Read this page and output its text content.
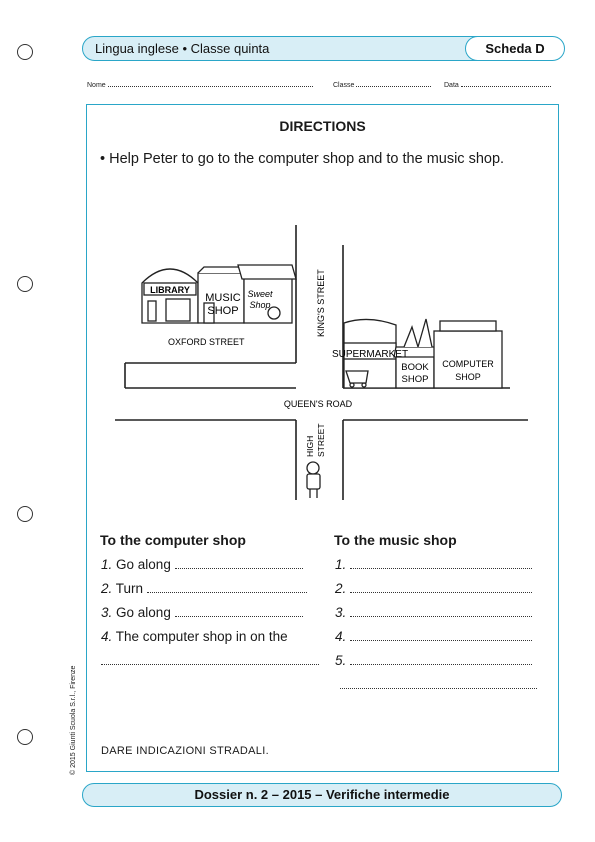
Lingua inglese • Classe quinta	Scheda D
Nome	Classe	Data
DIRECTIONS
• Help Peter to go to the computer shop and to the music shop.
LIBRARY
MUSIC
SHOP
Sweet
Shop
SUPERMARKET
BOOK
SHOP
COMPUTER
SHOP
OXFORD STREET
KING'S STREET
QUEEN'S ROAD
HIGH STREET
To the computer shop
1. Go along
2. Turn
3. Go along
4. The computer shop in on the
To the music shop
1.
2.
3.
4.
5.
DARE INDICAZIONI STRADALI.
© 2015 Giunti Scuola S.r.l., Firenze
Dossier n. 2 – 2015 – Verifiche intermedie
